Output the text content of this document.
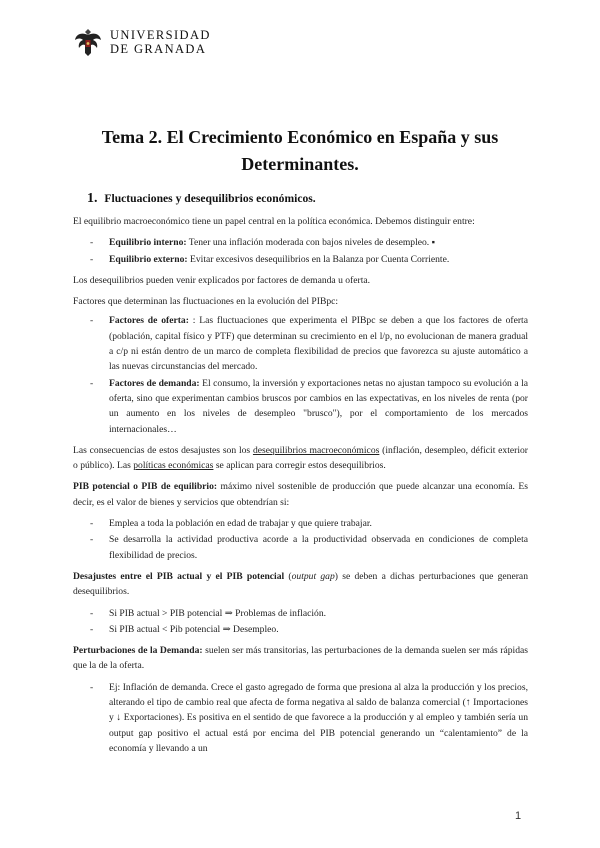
UNIVERSIDAD
DE GRANADA
Tema 2. El Crecimiento Económico en España y sus
Determinantes.
1. Fluctuaciones y desequilibrios económicos.

El equilibrio macroeconómico tiene un papel central en la política económica. Debemos distinguir entre:

- Equilibrio interno: Tener una inflación moderada con bajos niveles de desempleo. ▪
- Equilibrio externo: Evitar excesivos desequilibrios en la Balanza por Cuenta Corriente.

Los desequilibrios pueden venir explicados por factores de demanda u oferta.

Factores que determinan las fluctuaciones en la evolución del PIBpc:

- Factores de oferta: : Las fluctuaciones que experimenta el PIBpc se deben a que los factores de oferta (población, capital físico y PTF) que determinan su crecimiento en el l/p, no evolucionan de manera gradual a c/p ni están dentro de un marco de completa flexibilidad de precios que favorezca su ajuste automático a las nuevas circunstancias del mercado.
- Factores de demanda: El consumo, la inversión y exportaciones netas no ajustan tampoco su evolución a la oferta, sino que experimentan cambios bruscos por cambios en las expectativas, en los niveles de renta (por un aumento en los niveles de desempleo "brusco"), por el comportamiento de los mercados internacionales…

Las consecuencias de estos desajustes son los desequilibrios macroeconómicos (inflación, desempleo, déficit exterior o público). Las políticas económicas se aplican para corregir estos desequilibrios.

PIB potencial o PIB de equilibrio: máximo nivel sostenible de producción que puede alcanzar una economía. Es decir, es el valor de bienes y servicios que obtendrían si:

- Emplea a toda la población en edad de trabajar y que quiere trabajar.
- Se desarrolla la actividad productiva acorde a la productividad observada en condiciones de completa flexibilidad de precios.

Desajustes entre el PIB actual y el PIB potencial (output gap) se deben a dichas perturbaciones que generan desequilibrios.

- Si PIB actual > PIB potencial ⇒ Problemas de inflación.
- Si PIB actual < Pib potencial ⇒ Desempleo.

Perturbaciones de la Demanda: suelen ser más transitorias, las perturbaciones de la demanda suelen ser más rápidas que la de la oferta.

- Ej: Inflación de demanda. Crece el gasto agregado de forma que presiona al alza la producción y los precios, alterando el tipo de cambio real que afecta de forma negativa al saldo de balanza comercial (↑ Importaciones y ↓ Exportaciones). Es positiva en el sentido de que favorece a la producción y al empleo y también sería un output gap positivo el actual está por encima del PIB potencial generando un “calentamiento” de la economía y llevando a un
1
